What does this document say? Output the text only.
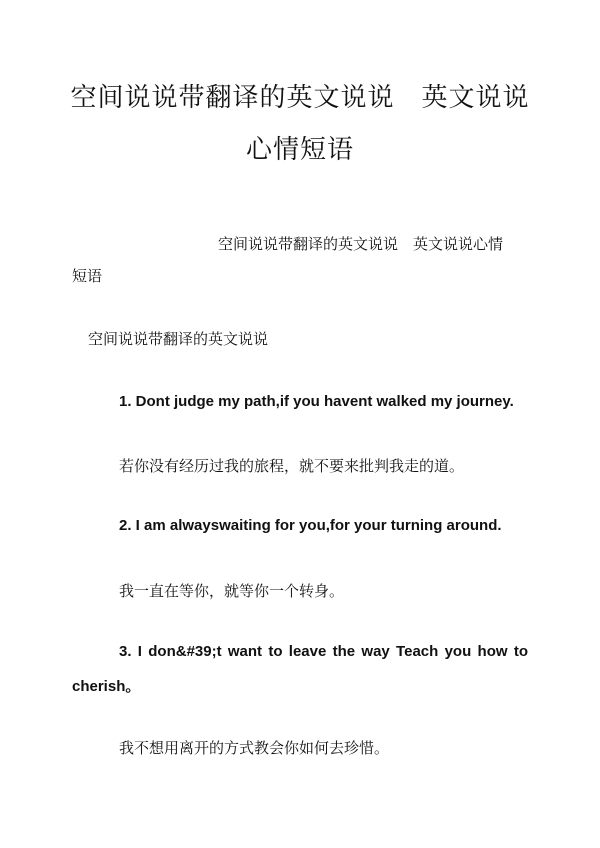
空间说说带翻译的英文说说　英文说说
心情短语

空间说说带翻译的英文说说　英文说说心情

短语

空间说说带翻译的英文说说

1. Dont judge my path,if you havent walked my journey.

若你没有经历过我的旅程，就不要来批判我走的道。

2. I am alwayswaiting for you,for your turning around.

我一直在等你，就等你一个转身。

3. I don&#39;t want to leave the way Teach you how to

cherish。

我不想用离开的方式教会你如何去珍惜。
